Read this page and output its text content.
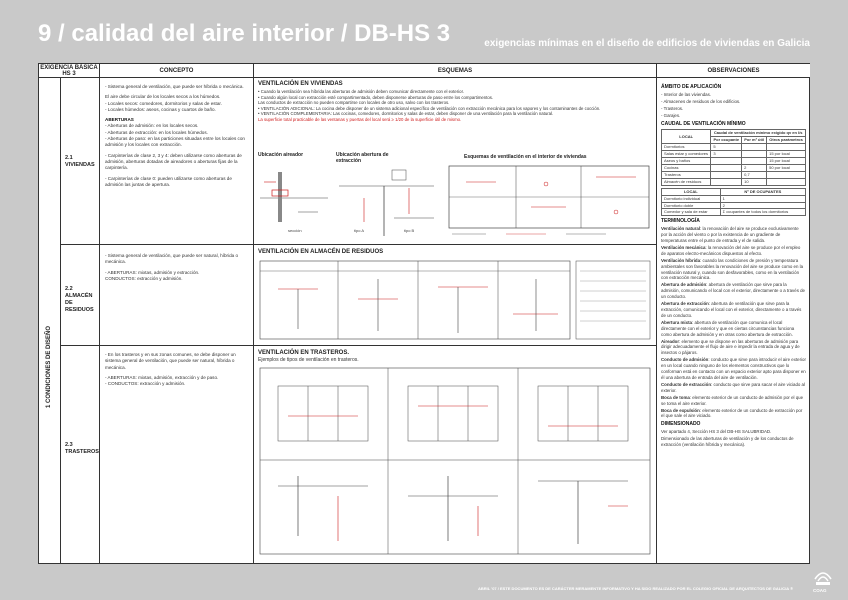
9 / calidad del aire interior / DB-HS 3	exigencias mínimas en el diseño de edificios de viviendas en Galicia
EXIGENCIA BÁSICA HS 3	CONCEPTO	ESQUEMAS	OBSERVACIONES
1 CONDICIONES DE DISEÑO
2.1
VIVIENDAS

- Sistema general de ventilación, que puede ser híbrida o mecánica.

El aire debe circular de los locales secos a los húmedos.

- Locales secos: comedores, dormitorios y salas de estar.

- Locales húmedos: aseos, cocinas y cuartos de baño.

ABERTURAS

- Aberturas de admisión: en los locales secos.

- Aberturas de extracción: en los locales húmedos.

- Aberturas de paso: en las particiones situadas entre los locales con admisión y los locales con extracción.

- Carpinterías de clase 2, 3 y 4: deben utilizarse como aberturas de admisión, aberturas dotadas de aireadores o aberturas fijas de la carpintería.

- Carpinterías de clase 0: pueden utilizarse como aberturas de admisión las juntas de apertura.

VENTILACIÓN EN VIVIENDAS
• Cuando la ventilación sea híbrida las aberturas de admisión deben comunicar directamente con el exterior.
• Cuando algún local con extracción esté compartimentado, deben disponerse aberturas de paso entre los compartimentos.
Las conductos de extracción no pueden compartirse con locales de otro uso, salvo con los trasteros.
• VENTILACIÓN ADICIONAL: La cocina debe disponer de un sistema adicional específico de ventilación con extracción mecánica para los vapores y los contaminantes de cocción.
• VENTILACIÓN COMPLEMENTARIA: Las cocinas, comedores, dormitorios y salas de estar, deben disponer de una ventilación para la ventilación natural.
La superficie total practicable de las ventanas y puertas del local será ≥ 1/20 de la superficie útil de mismo.
Ubicación aireador	Ubicación abertura de extracción
Esquemas de ventilación en el interior de viviendas
sección	tipo A	tipo B
2.2
ALMACÉN DE RESIDUOS

- Sistema general de ventilación, que puede ser natural, híbrida o mecánica.

- ABERTURAS: mixtas, admisión y extracción.

CONDUCTOS: extracción y admisión.

VENTILACIÓN EN ALMACÉN DE RESIDUOS
2.3
TRASTEROS

- En los trasteros y en sus zonas comunes, se debe disponer un sistema general de ventilación, que puede ser natural, híbrida o mecánica.

- ABERTURAS: mixtas, admisión, extracción y de paso.

- CONDUCTOS: extracción y admisión.

VENTILACIÓN EN TRASTEROS.
Ejemplos de tipos de ventilación en trasteros.
ÁMBITO DE APLICACIÓN

- Interior de las viviendas.

- Almacenes de residuos de los edificios.

- Trasteros.

- Garajes.

CAUDAL DE VENTILACIÓN MÍNIMO
LOCAL	Caudal de ventilación mínimo exigido qv en l/s		
	Por ocupante	Por m² útil	Otros parámetros
Dormitorios	5		
Salas estar y comedores	3		15 por local
Aseos y baños			15 por local
Cocinas		2	50 por local
Trasteros		0,7	
Almacén de residuos		10	
LOCAL	Nº DE OCUPANTES
Dormitorio individual	1
Dormitorio doble	2
Comedor y sala de estar	Σ ocupantes de todos los dormitorios
TERMINOLOGÍA

Ventilación natural: la renovación del aire se produce exclusivamente por la acción del viento o por la existencia de un gradiente de temperaturas entre el punto de entrada y el de salida.

Ventilación mecánica: la renovación del aire se produce por el empleo de aparatos electro-mecánicos dispuestos al efecto.

Ventilación híbrida: cuando las condiciones de presión y temperatura ambientales son favorables la renovación del aire se produce como en la ventilación natural y, cuando son desfavorables, como en la ventilación con extracción mecánica.

Abertura de admisión: abertura de ventilación que sirve para la admisión, comunicando el local con el exterior, directamente o a través de un conducto.

Abertura de extracción: abertura de ventilación que sirve para la extracción, comunicando el local con el exterior, directamente o a través de un conducto.

Abertura mixta: abertura de ventilación que comunica el local directamente con el exterior y que en ciertas circunstancias funciona como abertura de admisión y en otras como abertura de extracción.

Aireador: elemento que se dispone en las aberturas de admisión para dirigir adecuadamente el flujo de aire e impedir la entrada de agua y de insectos o pájaros.

Conducto de admisión: conducto que sirve para introducir el aire exterior en un local cuando ninguno de los elementos constructivos que lo conforman está en contacto con un espacio exterior apto para disponer en él una abertura de entrada del aire de ventilación.

Conducto de extracción: conducto que sirve para sacar el aire viciado al exterior.

Boca de toma: elemento exterior de un conducto de admisión por el que se toma el aire exterior.

Boca de expulsión: elemento exterior de un conducto de extracción por el que sale el aire viciado.

DIMENSIONADO

Ver apartado 4, Sección HS 3 del DB-HS SALUBRIDAD.

Dimensionado de las aberturas de ventilación y de los conductos de extracción (ventilación híbrida y mecánica).

ABRIL '07 / ESTE DOCUMENTO ES DE CARÁCTER MERAMENTE INFORMATIVO Y HA SIDO REALIZADO POR EL COLEGIO OFICIAL DE ARQUITECTOS DE GALICIA ®	COAG
